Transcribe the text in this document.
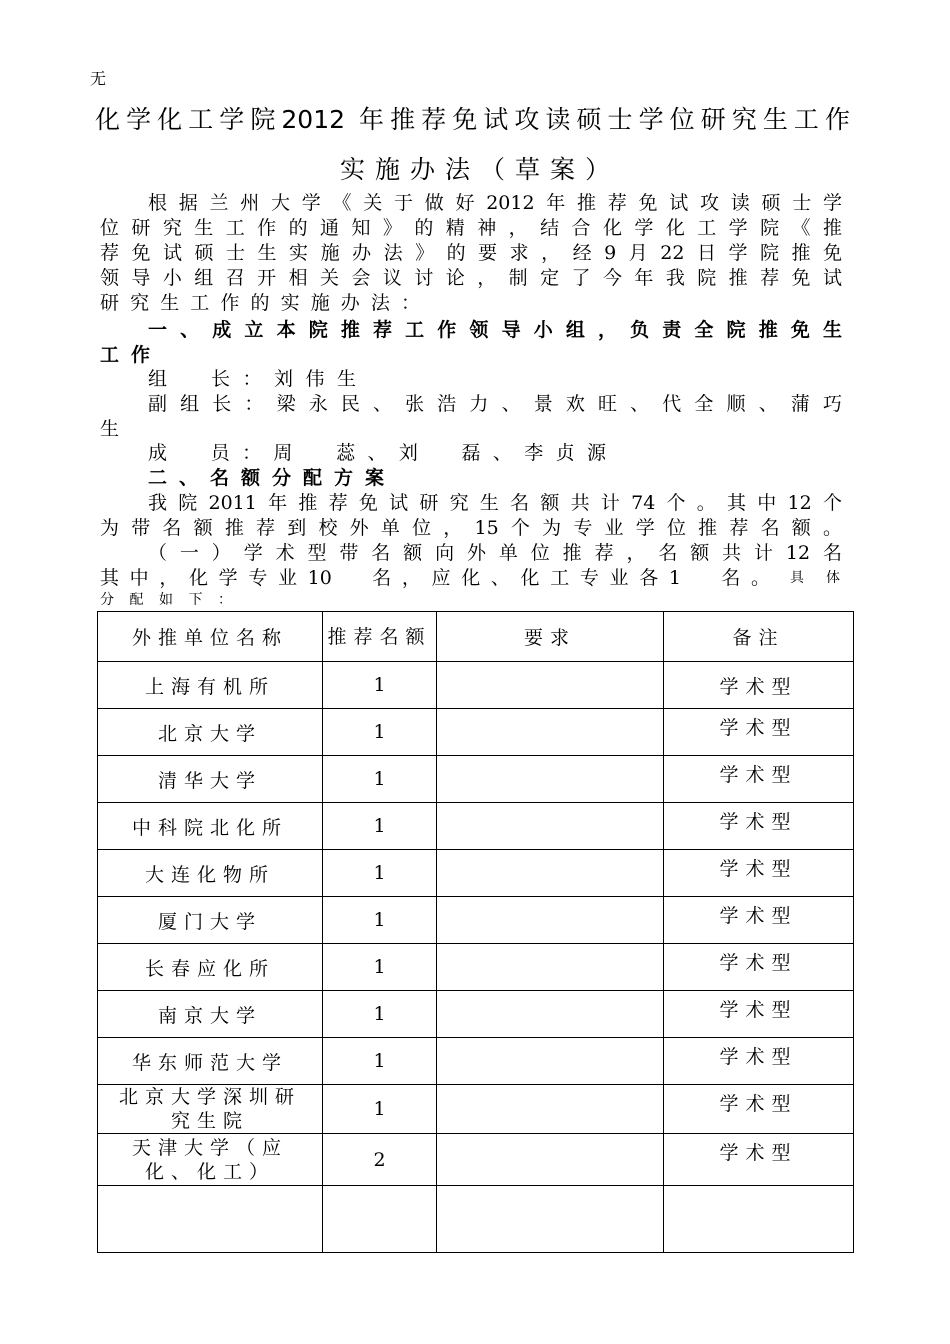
无
化学化工学院2012 年推荐免试攻读硕士学位研究生工作
实施办法（草案）
根据兰州大学《关于做好2012年推荐免试攻读硕士学
位研究生工作的通知》的精神，结合化学化工学院《推
荐免试硕士生实施办法》的要求，经9月22日学院推免
领导小组召开相关会议讨论，制定了今年我院推荐免试
研究生工作的实施办法：
一、成立本院推荐工作领导小组，负责全院推免生
工作
组　长：刘伟生
副组长：梁永民、张浩力、景欢旺、代全顺、蒲巧
生
成　员：周　蕊、刘　磊、李贞源
二、名额分配方案
我院2011年推荐免试研究生名额共计74个。其中12个
为带名额推荐到校外单位，15个为专业学位推荐名额。
（一）学术型带名额向外单位推荐，名额共计12名
其中，化学专业10　名，应化、化工专业各1　名。 具体
分配如下：
外推单位名称	推荐名额	要求	备注
上海有机所	1		学术型
北京大学	1		学术型
清华大学	1		学术型
中科院北化所	1		学术型
大连化物所	1		学术型
厦门大学	1		学术型
长春应化所	1		学术型
南京大学	1		学术型
华东师范大学	1		学术型
北京大学深圳研究生院	1		学术型
天津大学（应化、化工）	2		学术型
